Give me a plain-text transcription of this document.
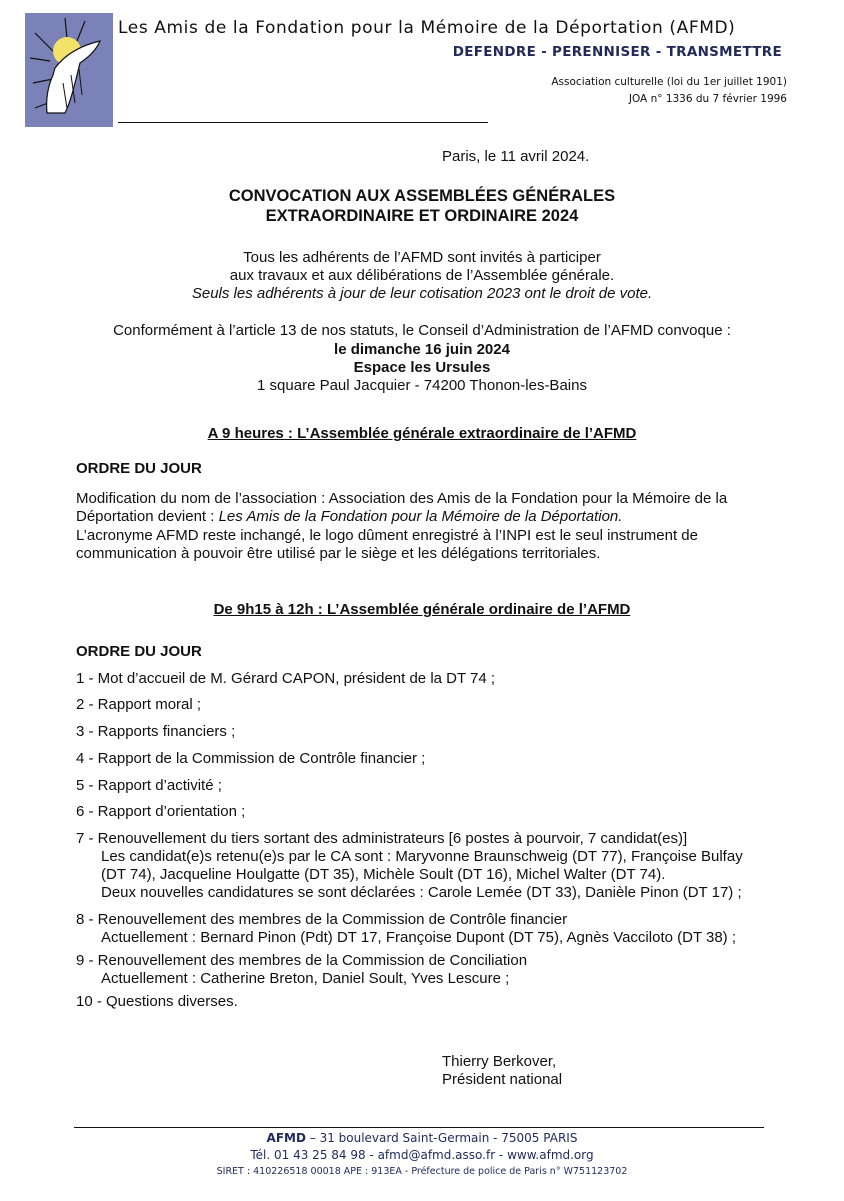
Les Amis de la Fondation pour la Mémoire de la Déportation (AFMD)
DEFENDRE - PERENNISER - TRANSMETTRE
Association culturelle (loi du 1er juillet 1901)
JOA n° 1336 du 7 février 1996
Paris, le 11 avril 2024.
CONVOCATION AUX ASSEMBLÉES GÉNÉRALES
EXTRAORDINAIRE ET ORDINAIRE 2024
Tous les adhérents de l’AFMD sont invités à participer
aux travaux et aux délibérations de l’Assemblée générale.
Seuls les adhérents à jour de leur cotisation 2023 ont le droit de vote.
Conformément à l’article 13 de nos statuts, le Conseil d’Administration de l’AFMD convoque :
le dimanche 16 juin 2024
Espace les Ursules
1 square Paul Jacquier - 74200 Thonon-les-Bains
A 9 heures : L’Assemblée générale extraordinaire de l’AFMD
ORDRE DU JOUR
Modification du nom de l’association : Association des Amis de la Fondation pour la Mémoire de la
Déportation devient : Les Amis de la Fondation pour la Mémoire de la Déportation.
L’acronyme AFMD reste inchangé, le logo dûment enregistré à l’INPI est le seul instrument de
communication à pouvoir être utilisé par le siège et les délégations territoriales.
De 9h15 à 12h : L’Assemblée générale ordinaire de l’AFMD
ORDRE DU JOUR
1 - Mot d’accueil de M. Gérard CAPON, président de la DT 74 ;
2 - Rapport moral ;
3 - Rapports financiers ;
4 - Rapport de la Commission de Contrôle financier ;
5 - Rapport d’activité ;
6 - Rapport d’orientation ;
7 - Renouvellement du tiers sortant des administrateurs [6 postes à pourvoir, 7 candidat(es)]
Les candidat(e)s retenu(e)s par le CA sont : Maryvonne Braunschweig (DT 77), Françoise Bulfay
(DT 74), Jacqueline Houlgatte (DT 35), Michèle Soult (DT 16), Michel Walter (DT 74).
Deux nouvelles candidatures se sont déclarées : Carole Lemée (DT 33), Danièle Pinon (DT 17) ;
8 - Renouvellement des membres de la Commission de Contrôle financier
Actuellement : Bernard Pinon (Pdt) DT 17, Françoise Dupont (DT 75), Agnès Vacciloto (DT 38) ;
9 - Renouvellement des membres de la Commission de Conciliation
Actuellement : Catherine Breton, Daniel Soult, Yves Lescure ;
10 - Questions diverses.
Thierry Berkover,
Président national
AFMD – 31 boulevard Saint-Germain - 75005 PARIS
Tél. 01 43 25 84 98 - afmd@afmd.asso.fr - www.afmd.org
SIRET : 410226518 00018 APE : 913EA - Préfecture de police de Paris n° W751123702
